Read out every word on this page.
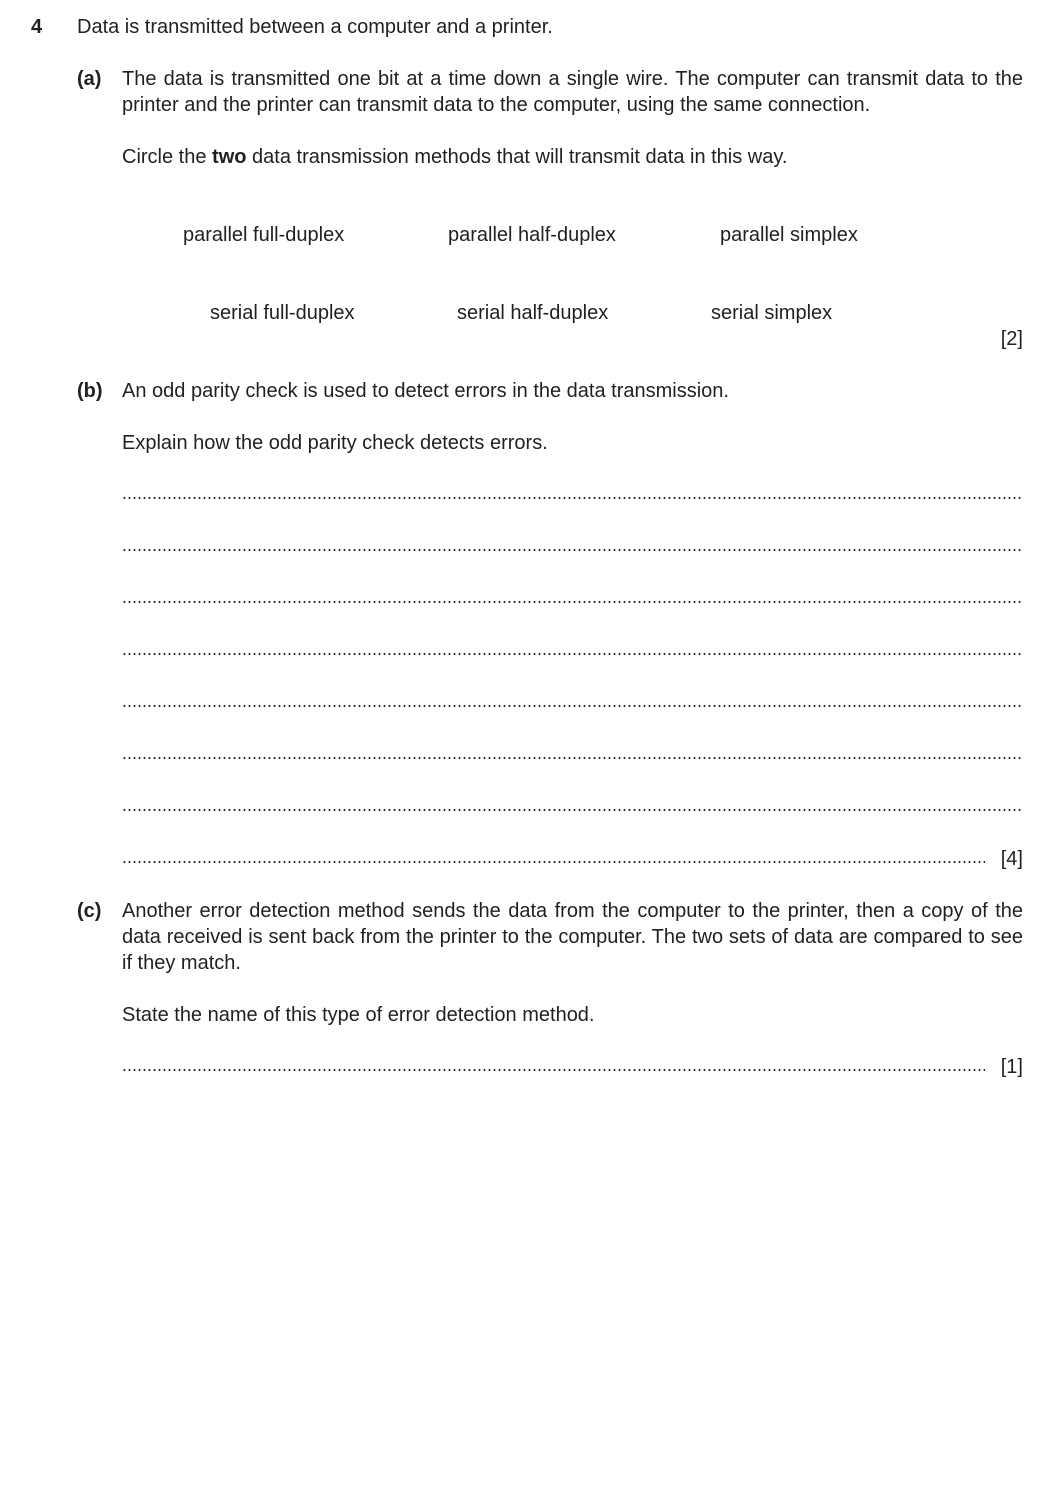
4 Data is transmitted between a computer and a printer.
(a) The data is transmitted one bit at a time down a single wire. The computer can transmit data to the printer and the printer can transmit data to the computer, using the same connection.
Circle the two data transmission methods that will transmit data in this way.
parallel full-duplex	parallel half-duplex	parallel simplex
serial full-duplex	serial half-duplex	serial simplex
[2]
(b) An odd parity check is used to detect errors in the data transmission.
Explain how the odd parity check detects errors.
[4]
(c) Another error detection method sends the data from the computer to the printer, then a copy of the data received is sent back from the printer to the computer. The two sets of data are compared to see if they match.
State the name of this type of error detection method.
[1]
